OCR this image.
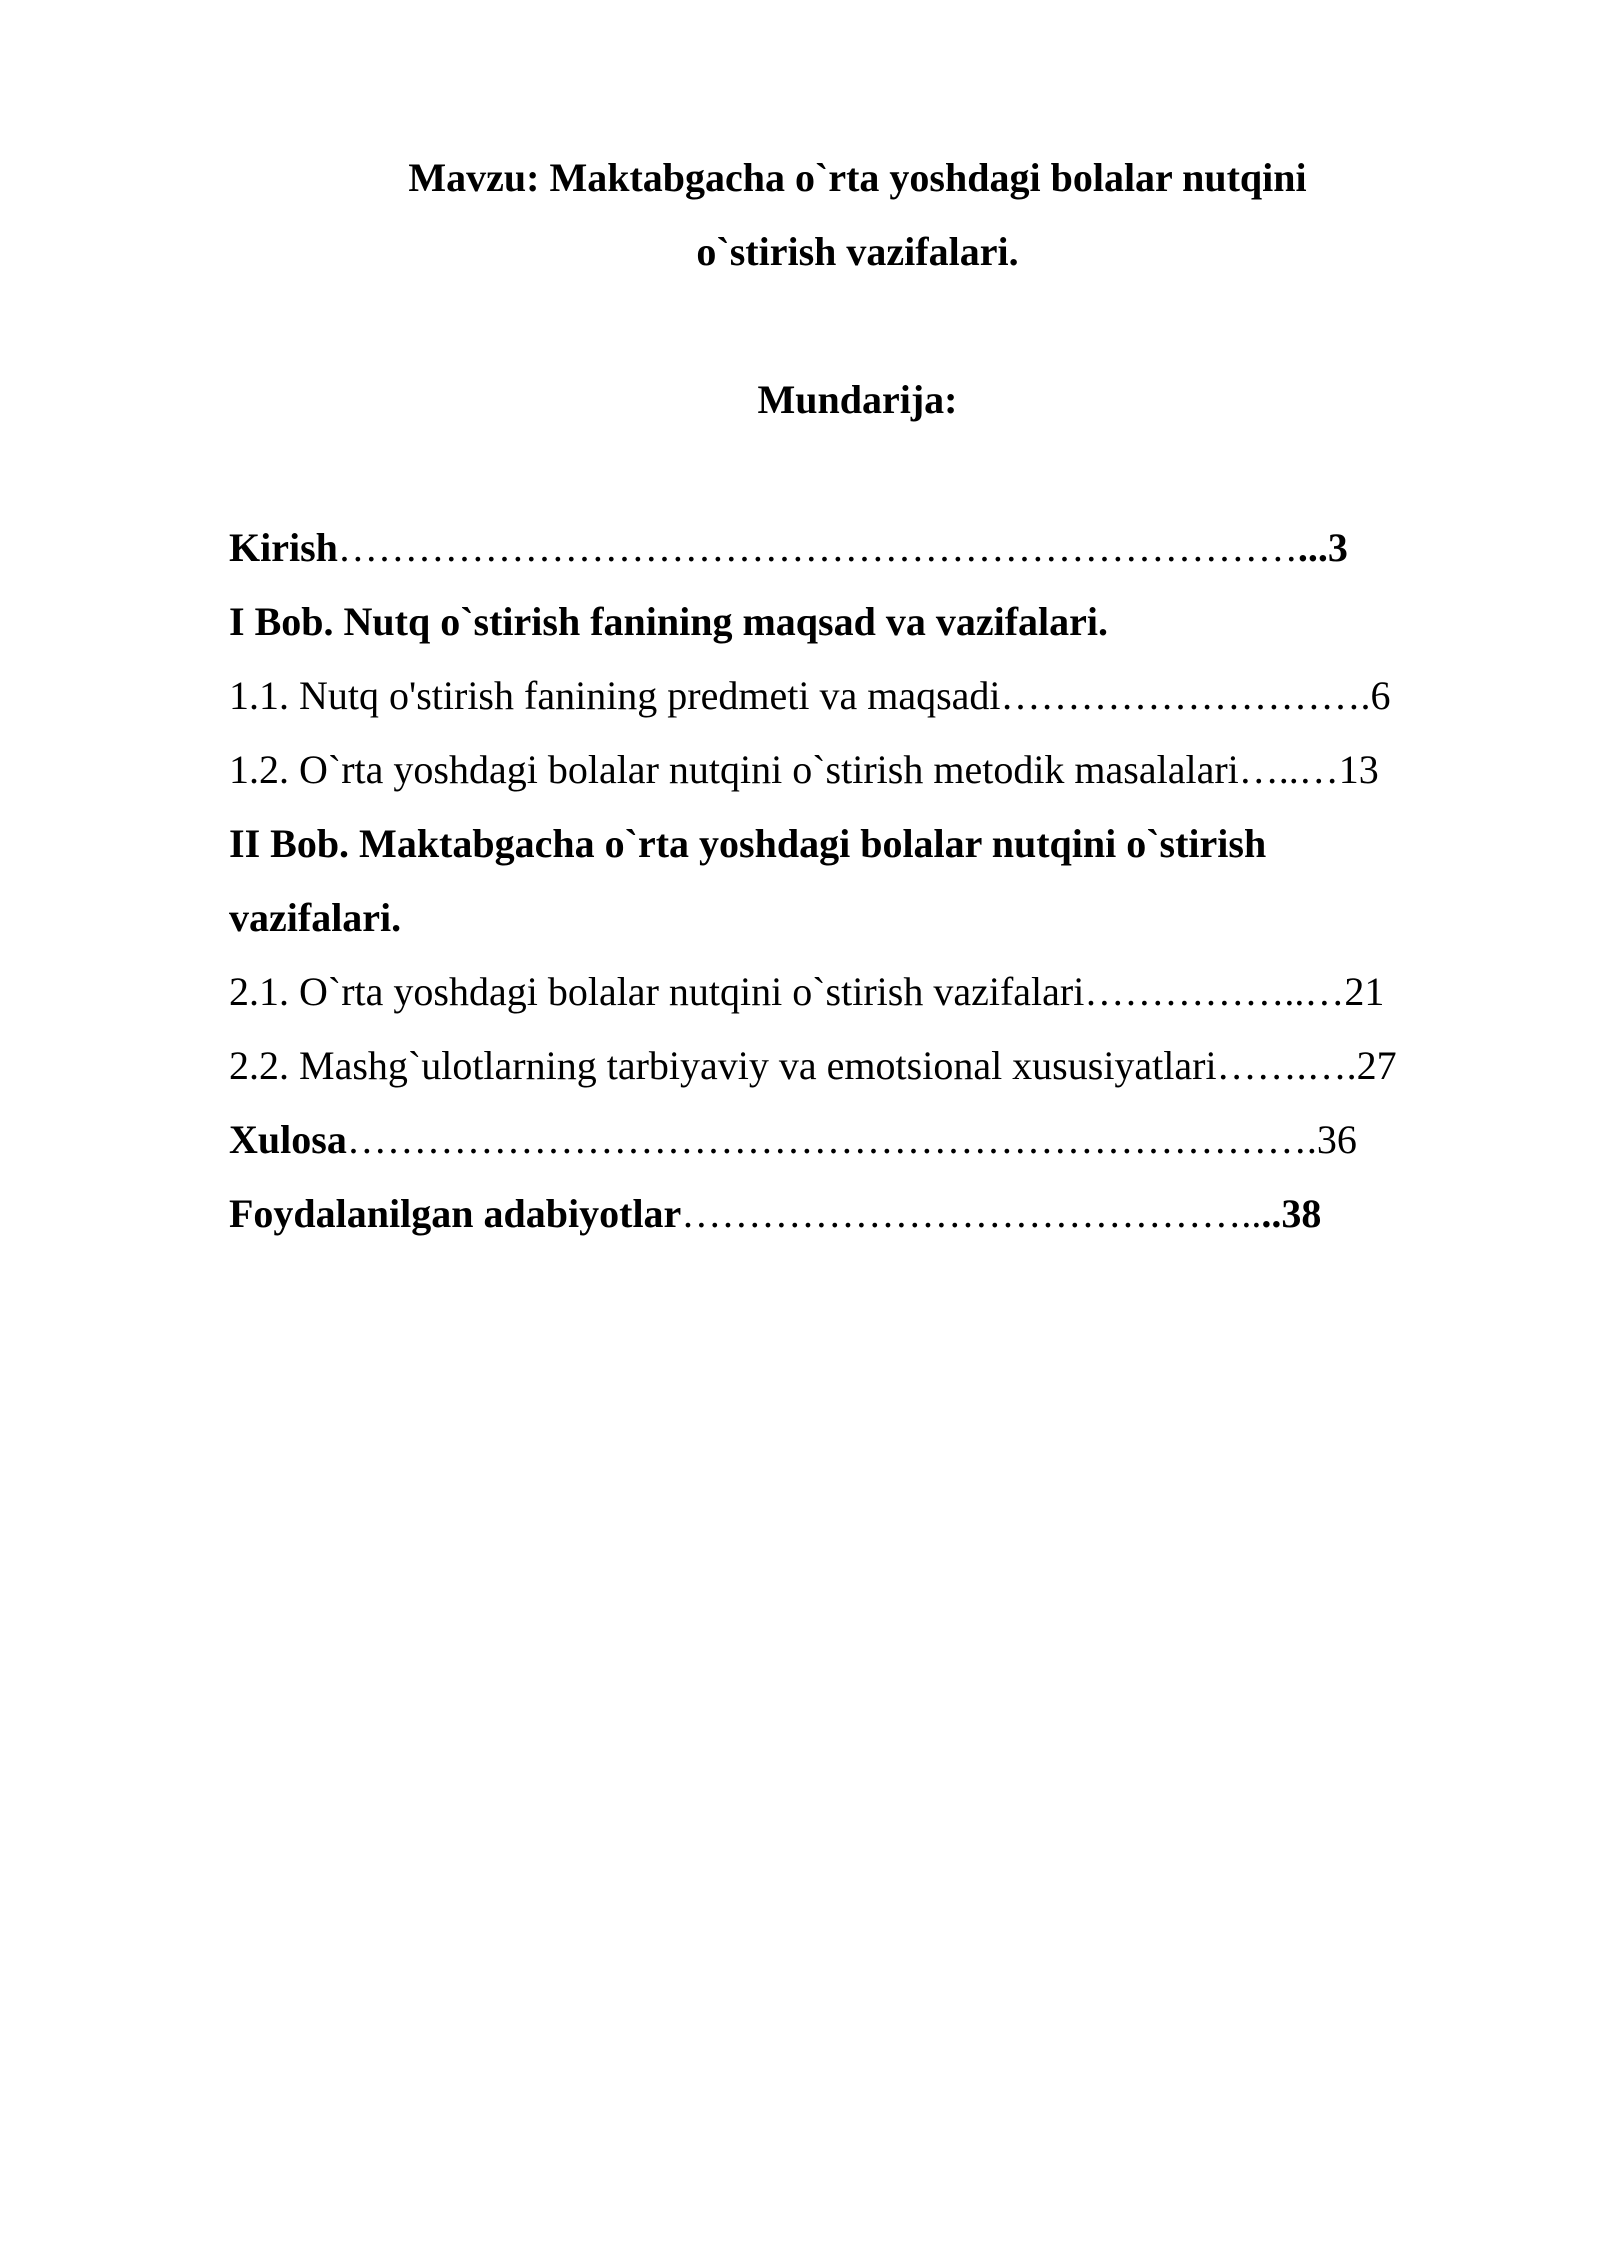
Mavzu: Maktabgacha o`rta yoshdagi bolalar nutqini
o`stirish vazifalari.
Mundarija:
Kirish………………………………………………………………...3
I Bob. Nutq o`stirish fanining maqsad va vazifalari.
1.1. Nutq o'stirish fanining predmeti va maqsadi……………………….6
1.2. O`rta yoshdagi bolalar nutqini o`stirish metodik masalalari…..…13
II Bob. Maktabgacha o`rta yoshdagi bolalar nutqini o`stirish
vazifalari.
2.1. O`rta yoshdagi bolalar nutqini o`stirish vazifalari……………..…21
2.2. Mashg`ulotlarning tarbiyaviy va emotsional xususiyatlari…….….27
Xulosa……………………………………………………………….36
Foydalanilgan adabiyotlar……………………………………....38
